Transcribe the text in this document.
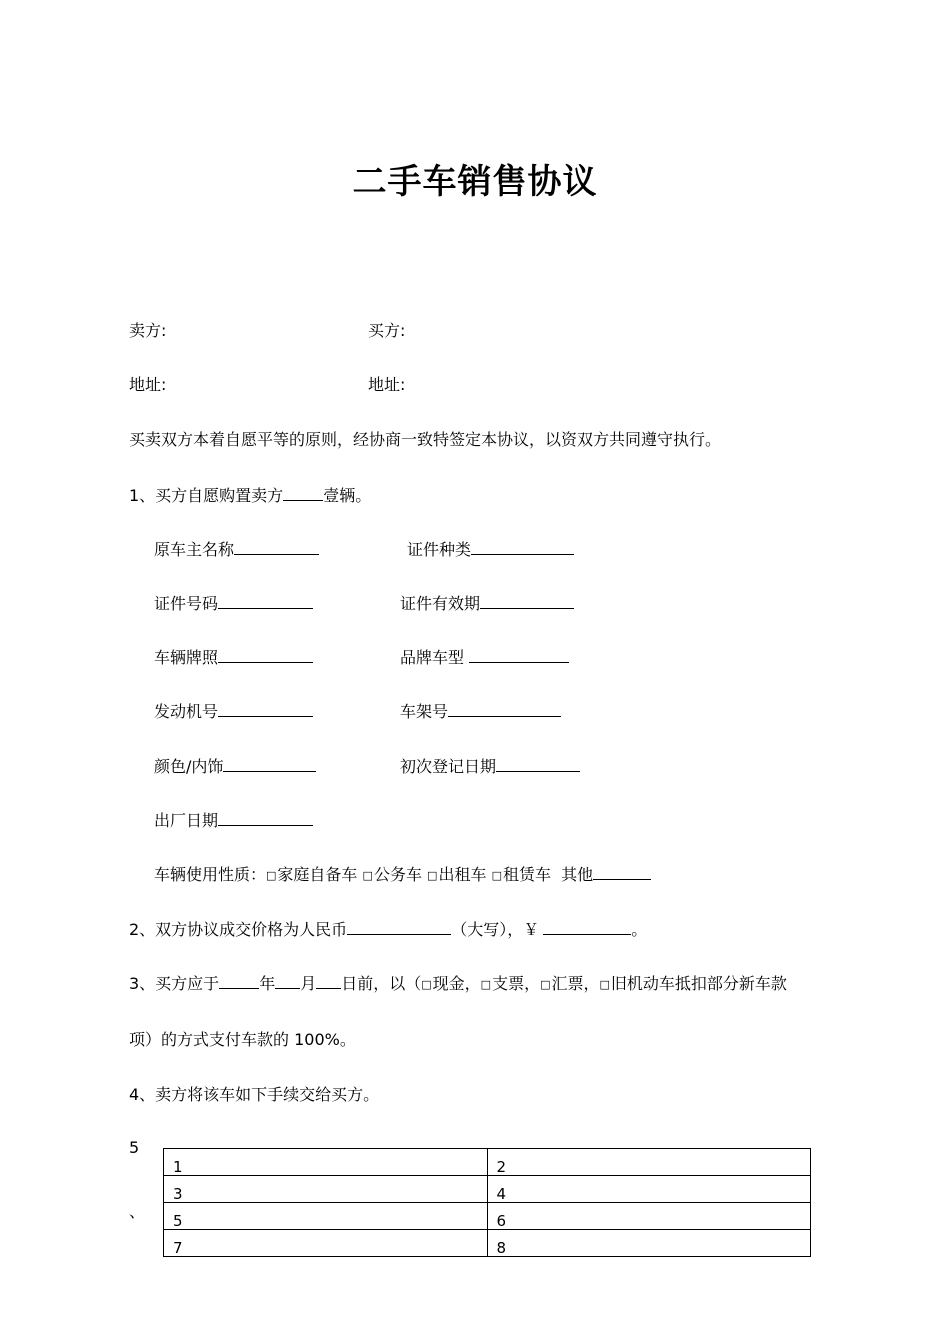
二手车销售协议
卖方:	买方:
地址:	地址:
买卖双方本着自愿平等的原则，经协商一致特签定本协议，以资双方共同遵守执行。
1、买方自愿购置卖方	壹辆。
原车主名称	证件种类
证件号码	证件有效期
车辆牌照	品牌车型
发动机号	车架号
颜色/内饰	初次登记日期
出厂日期
车辆使用性质：□家庭自备车 □公务车 □出租车 □租赁车 其他
2、双方协议成交价格为人民币	（大写），￥	。
3、买方应于	年 月 日前，以（□现金，□支票，□汇票，□旧机动车抵扣部分新车款
项）的方式支付车款的 100%。
4、卖方将该车如下手续交给买方。
5
、
1	2
3	4
5	6
7	8
